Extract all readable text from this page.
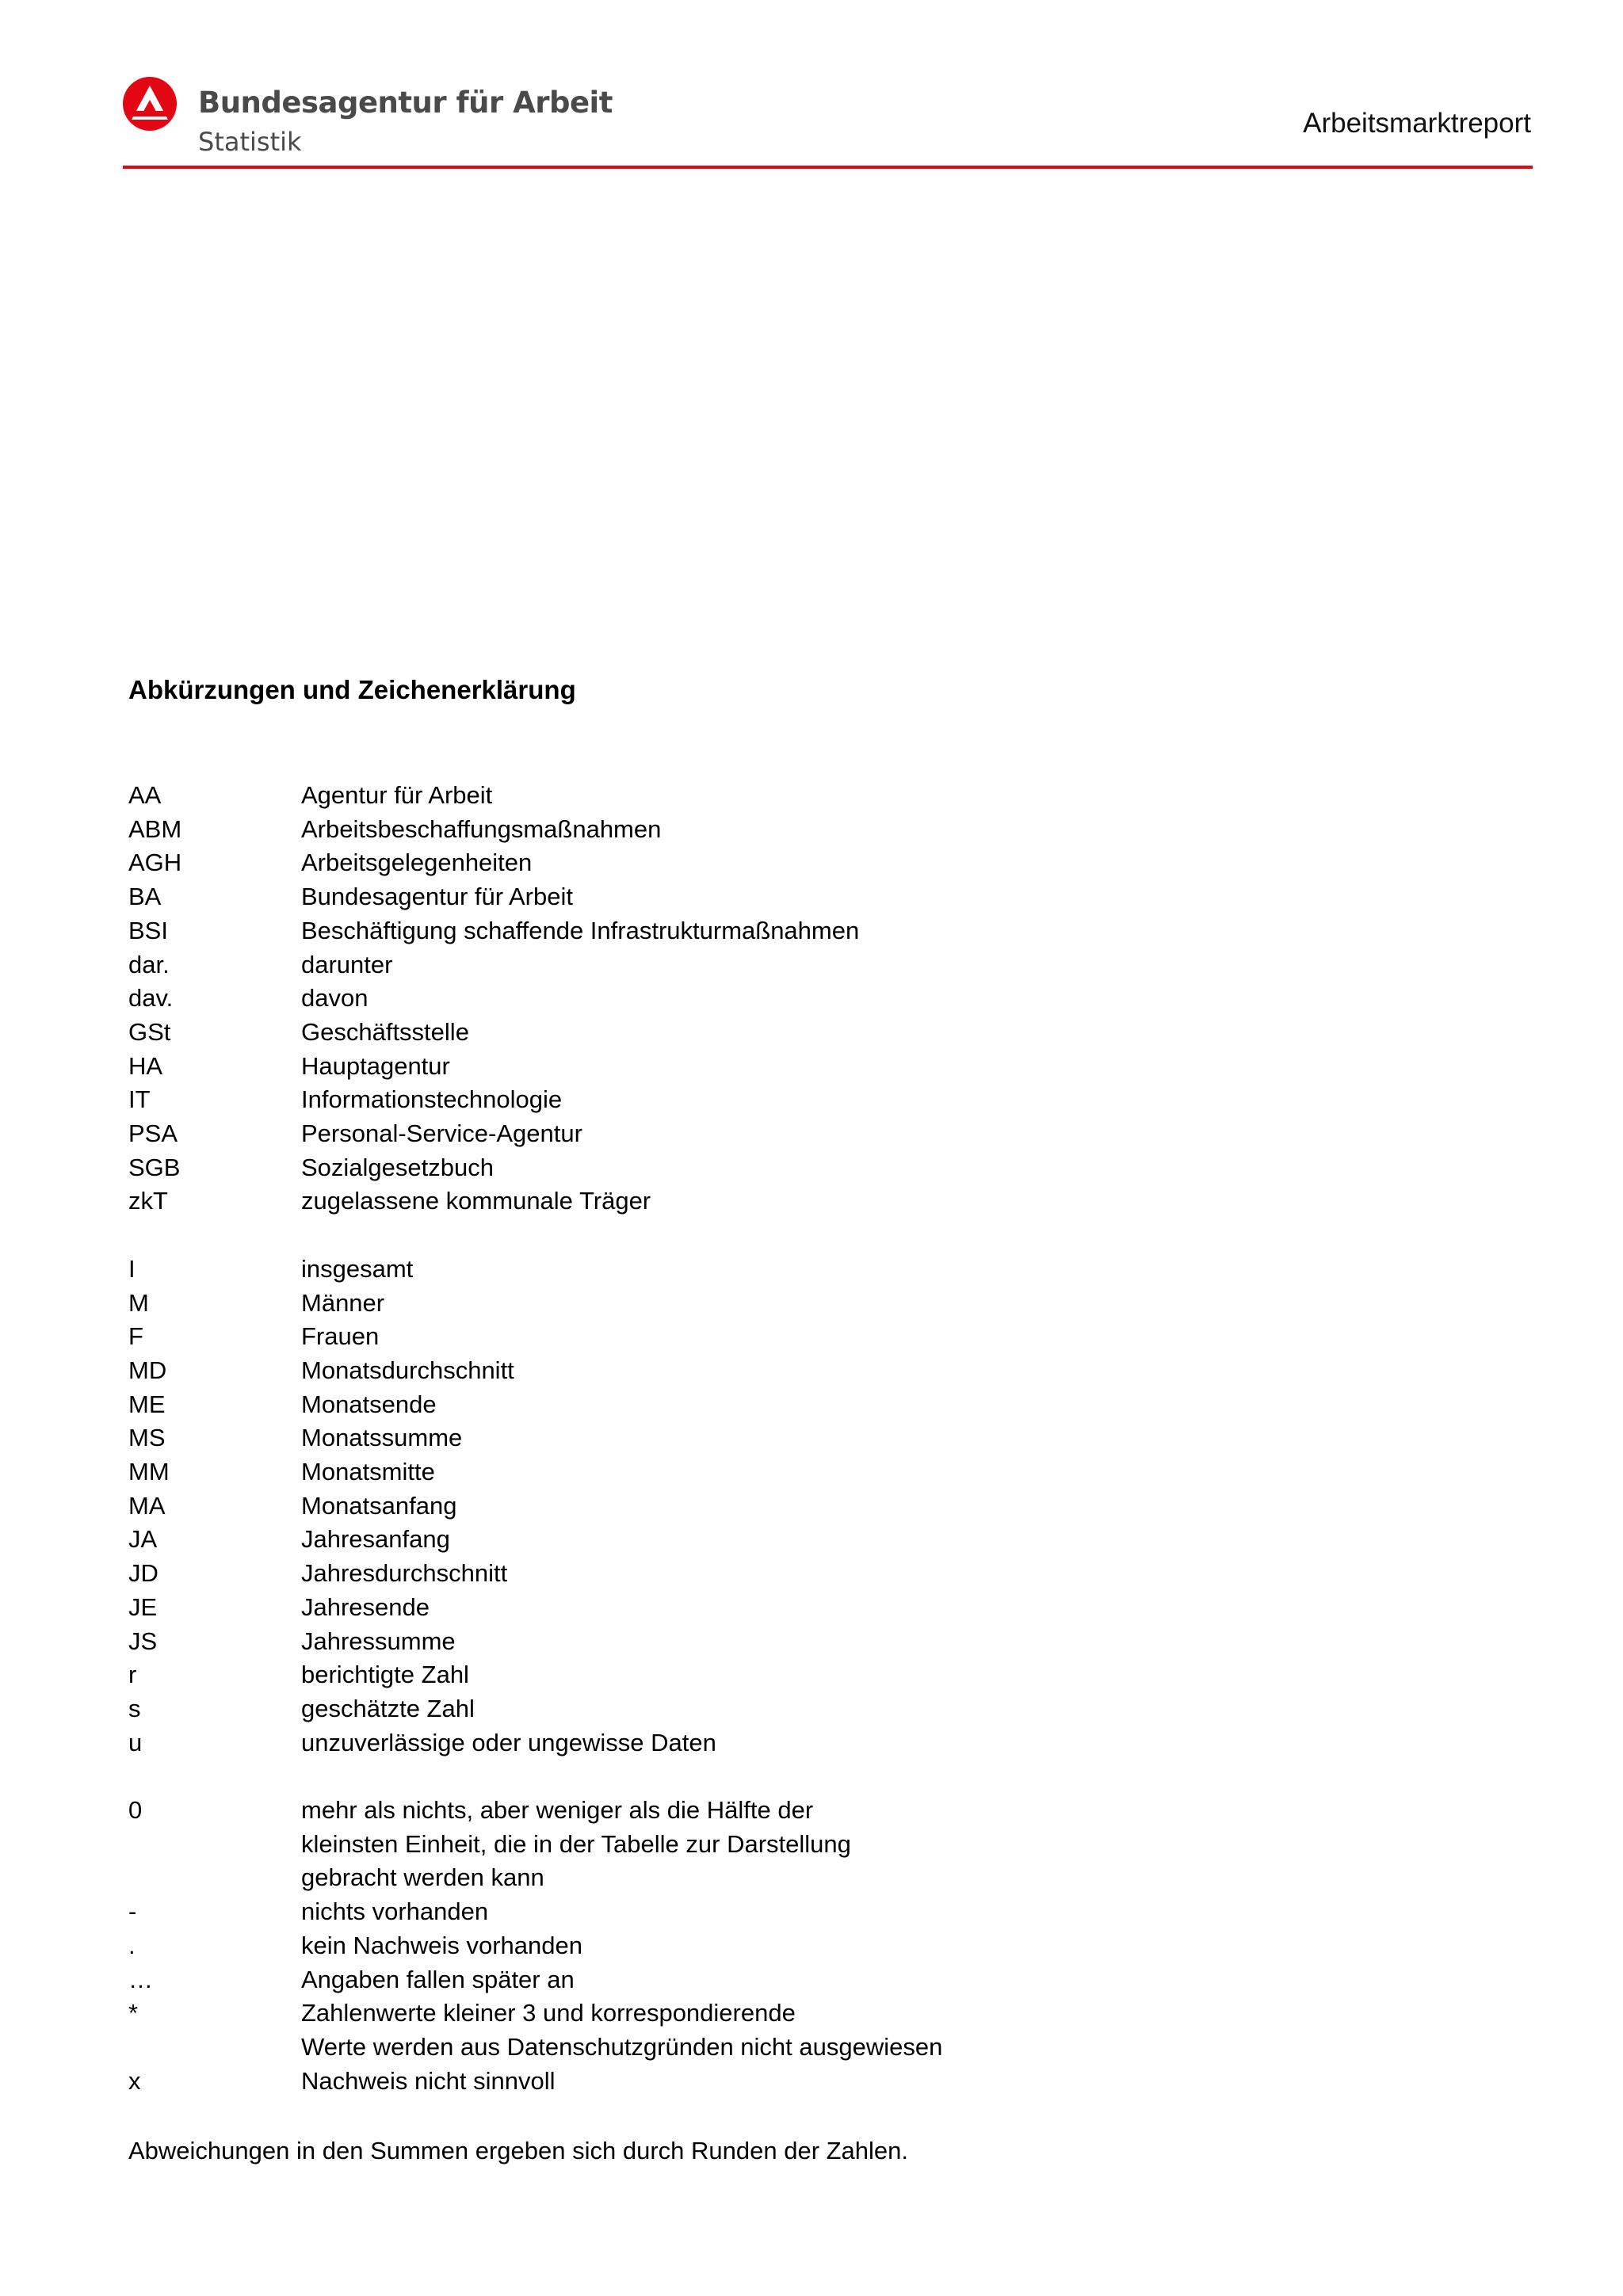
Bundesagentur für Arbeit
Statistik
Arbeitsmarktreport
Abkürzungen und Zeichenerklärung
AA	Agentur für Arbeit
ABM	Arbeitsbeschaffungsmaßnahmen
AGH	Arbeitsgelegenheiten
BA	Bundesagentur für Arbeit
BSI	Beschäftigung schaffende Infrastrukturmaßnahmen
dar.	darunter
dav.	davon
GSt	Geschäftsstelle
HA	Hauptagentur
IT	Informationstechnologie
PSA	Personal-Service-Agentur
SGB	Sozialgesetzbuch
zkT	zugelassene kommunale Träger
I	insgesamt
M	Männer
F	Frauen
MD	Monatsdurchschnitt
ME	Monatsende
MS	Monatssumme
MM	Monatsmitte
MA	Monatsanfang
JA	Jahresanfang
JD	Jahresdurchschnitt
JE	Jahresende
JS	Jahressumme
r	berichtigte Zahl
s	geschätzte Zahl
u	unzuverlässige oder ungewisse Daten
0	mehr als nichts, aber weniger als die Hälfte der
kleinsten Einheit, die in der Tabelle zur Darstellung
gebracht werden kann
-	nichts vorhanden
.	kein Nachweis vorhanden
…	Angaben fallen später an
*	Zahlenwerte kleiner 3 und korrespondierende
Werte werden aus Datenschutzgründen nicht ausgewiesen
x	Nachweis nicht sinnvoll
Abweichungen in den Summen ergeben sich durch Runden der Zahlen.
